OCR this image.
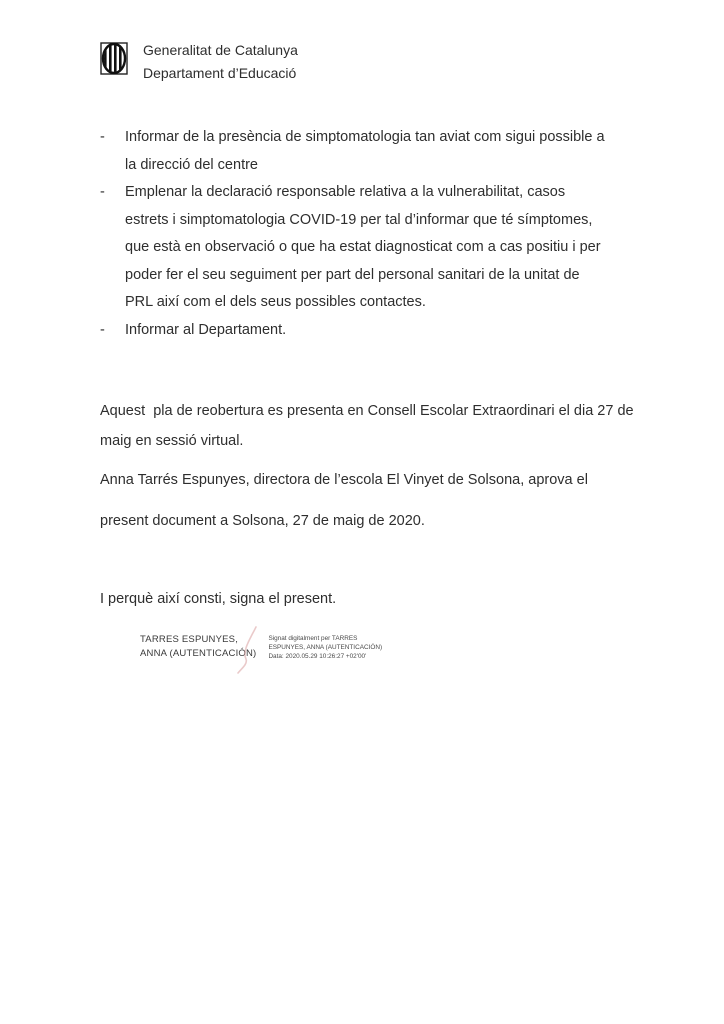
Generalitat de Catalunya
Departament d’Educació
-	Informar de la presència de simptomatologia tan aviat com sigui possible a la direcció del centre
-	Emplenar la declaració responsable relativa a la vulnerabilitat, casos estrets i simptomatologia COVID-19 per tal d’informar que té símptomes, que està en observació o que ha estat diagnosticat com a cas positiu i per poder fer el seu seguiment per part del personal sanitari de la unitat de PRL així com el dels seus possibles contactes.
-	Informar al Departament.
Aquest  pla de reobertura es presenta en Consell Escolar Extraordinari el dia 27 de maig en sessió virtual.
Anna Tarrés Espunyes, directora de l’escola El Vinyet de Solsona, aprova el present document a Solsona, 27 de maig de 2020.
I perquè així consti, signa el present.
TARRES ESPUNYES,
ANNA (AUTENTICACIÓN)
Signat digitalment per TARRES
ESPUNYES, ANNA (AUTENTICACIÓN)
Data: 2020.05.29 10:26:27 +02'00'
